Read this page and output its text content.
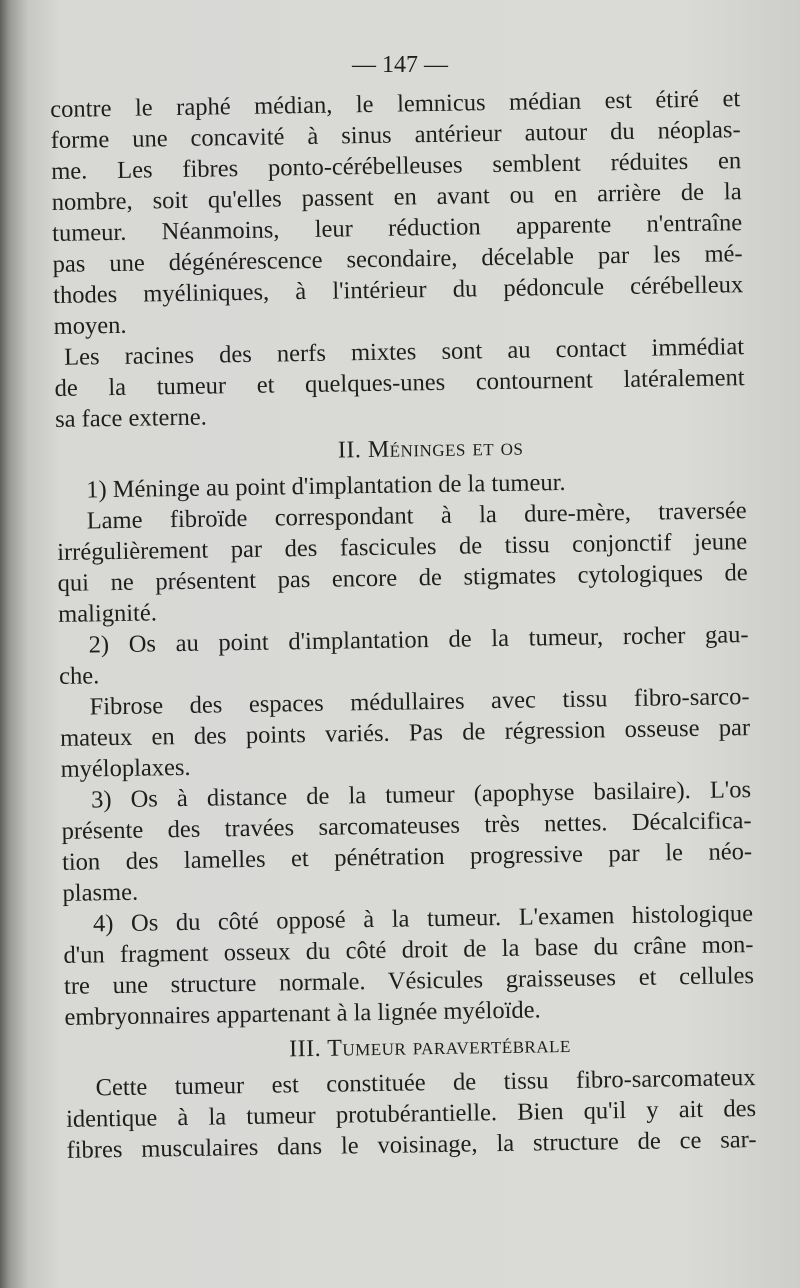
— 147 —
contre le raphé médian, le lemnicus médian est étiré et
forme une concavité à sinus antérieur autour du néoplas-
me. Les fibres ponto-cérébelleuses semblent réduites en
nombre, soit qu'elles passent en avant ou en arrière de la
tumeur. Néanmoins, leur réduction apparente n'entraîne
pas une dégénérescence secondaire, décelable par les mé-
thodes myéliniques, à l'intérieur du pédoncule cérébelleux
moyen.
Les racines des nerfs mixtes sont au contact immédiat
de la tumeur et quelques-unes contournent latéralement
sa face externe.
II. Méninges et os
1) Méninge au point d'implantation de la tumeur.
Lame fibroïde correspondant à la dure-mère, traversée
irrégulièrement par des fascicules de tissu conjonctif jeune
qui ne présentent pas encore de stigmates cytologiques de
malignité.
2) Os au point d'implantation de la tumeur, rocher gau-
che.
Fibrose des espaces médullaires avec tissu fibro-sarco-
mateux en des points variés. Pas de régression osseuse par
myéloplaxes.
3) Os à distance de la tumeur (apophyse basilaire). L'os
présente des travées sarcomateuses très nettes. Décalcifica-
tion des lamelles et pénétration progressive par le néo-
plasme.
4) Os du côté opposé à la tumeur. L'examen histologique
d'un fragment osseux du côté droit de la base du crâne mon-
tre une structure normale. Vésicules graisseuses et cellules
embryonnaires appartenant à la lignée myéloïde.
III. Tumeur paravertébrale
Cette tumeur est constituée de tissu fibro-sarcomateux
identique à la tumeur protubérantielle. Bien qu'il y ait des
fibres musculaires dans le voisinage, la structure de ce sar-
